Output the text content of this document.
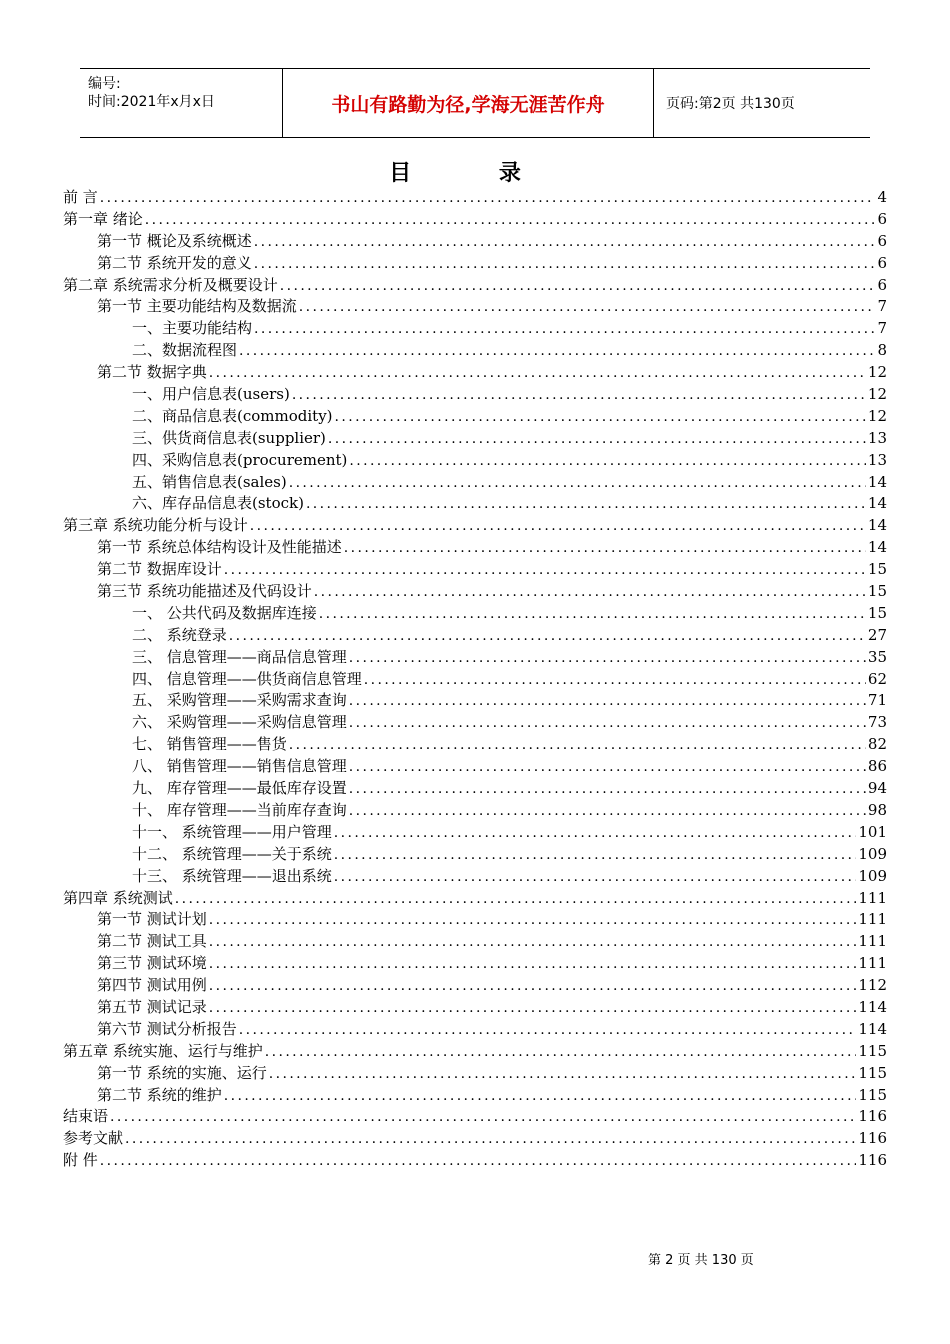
编号:
时间:2021年x月x日	书山有路勤为径,学海无涯苦作舟	页码:第2页 共130页
目 录
前 言 .....	4
第一章 绪论 .....	6
第一节 概论及系统概述 .....	6
第二节 系统开发的意义 .....	6
第二章 系统需求分析及概要设计 .....	6
第一节 主要功能结构及数据流 .....	7
一、主要功能结构 .....	7
二、数据流程图 .....	8
第二节 数据字典 .....	12
一、用户信息表(users) .....	12
二、商品信息表(commodity) .....	12
三、供货商信息表(supplier) .....	13
四、采购信息表(procurement) .....	13
五、销售信息表(sales) .....	14
六、库存品信息表(stock) .....	14
第三章 系统功能分析与设计 .....	14
第一节 系统总体结构设计及性能描述 .....	14
第二节 数据库设计 .....	15
第三节 系统功能描述及代码设计 .....	15
一、 公共代码及数据库连接 .....	15
二、 系统登录 .....	27
三、 信息管理——商品信息管理 .....	35
四、 信息管理——供货商信息管理 .....	62
五、 采购管理——采购需求查询 .....	71
六、 采购管理——采购信息管理 .....	73
七、 销售管理——售货 .....	82
八、 销售管理——销售信息管理 .....	86
九、 库存管理——最低库存设置 .....	94
十、 库存管理——当前库存查询 .....	98
十一、 系统管理——用户管理 .....	101
十二、 系统管理——关于系统 .....	109
十三、 系统管理——退出系统 .....	109
第四章 系统测试 .....	111
第一节 测试计划 .....	111
第二节 测试工具 .....	111
第三节 测试环境 .....	111
第四节 测试用例 .....	112
第五节 测试记录 .....	114
第六节 测试分析报告 .....	114
第五章 系统实施、运行与维护 .....	115
第一节 系统的实施、运行 .....	115
第二节 系统的维护 .....	115
结束语 .....	116
参考文献 .....	116
附 件 .....	116
第 2 页 共 130 页
